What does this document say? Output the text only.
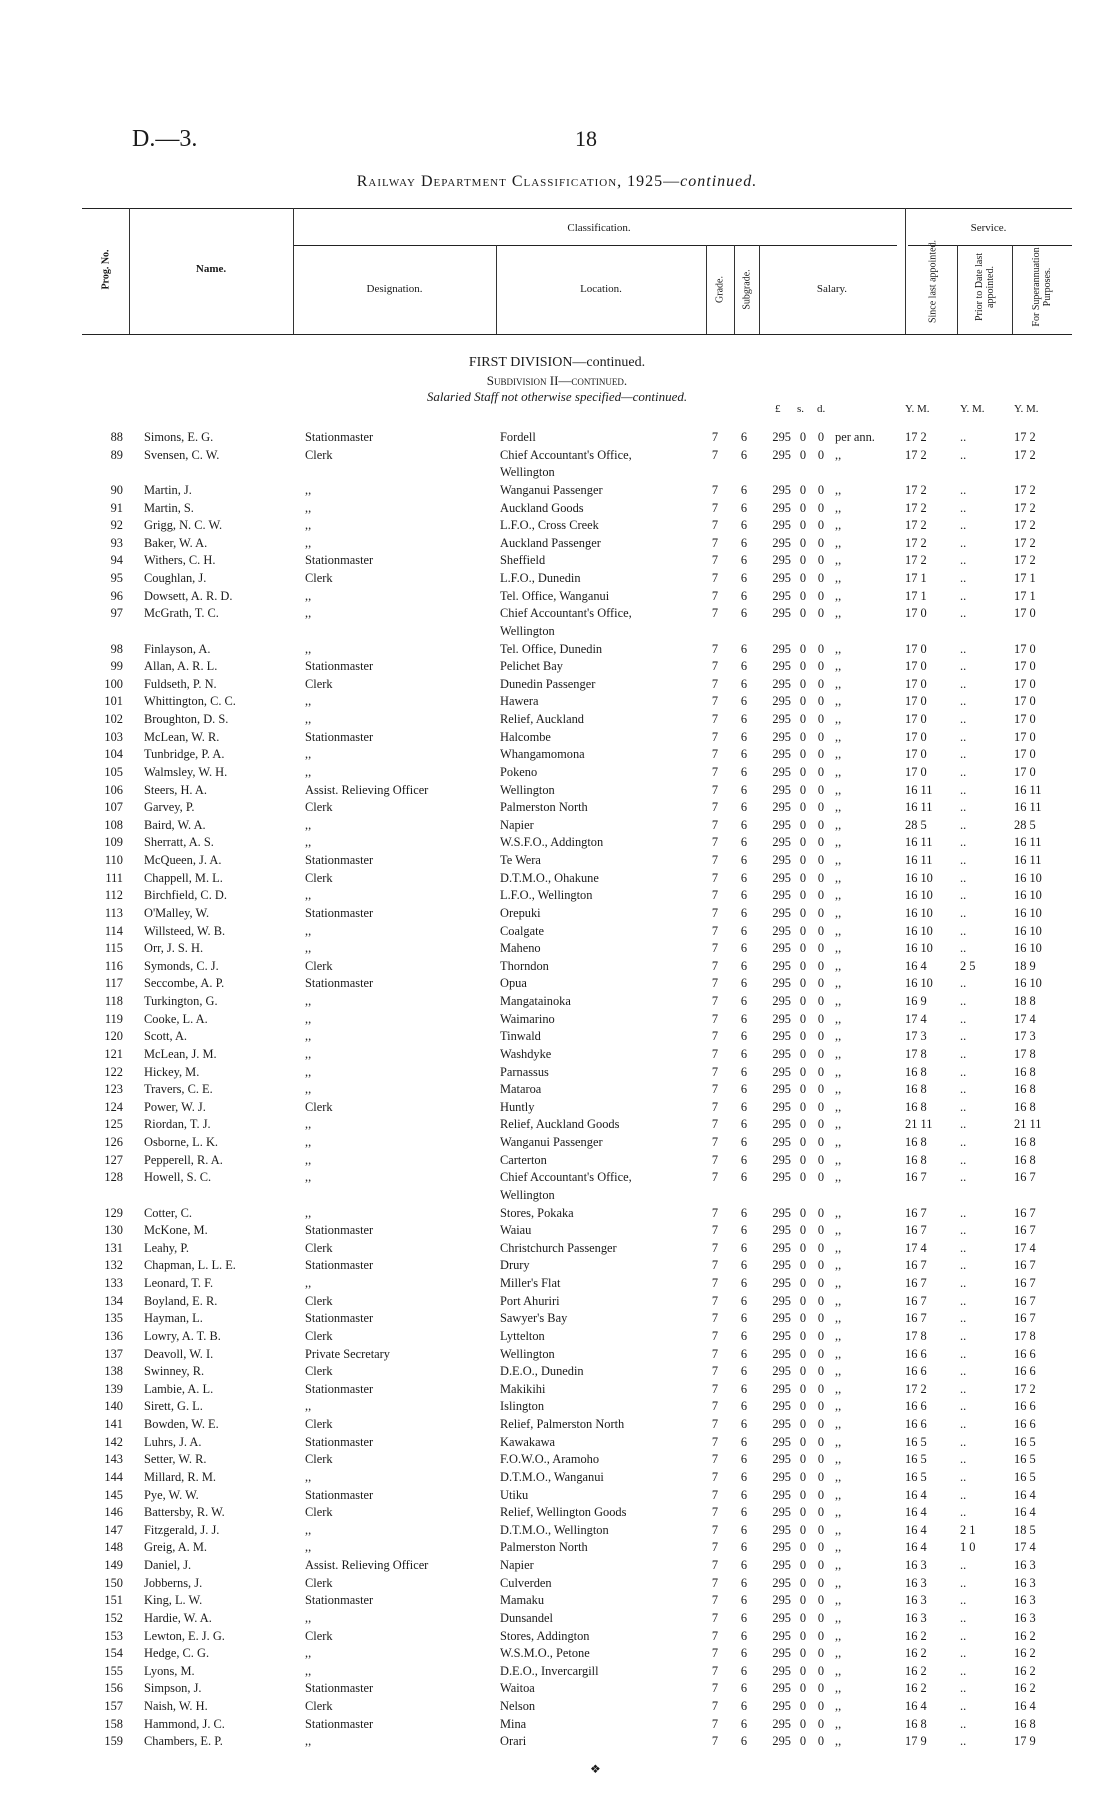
D.—3.	18
Railway Department Classification, 1925—continued.
Classification.	Service.
Name.
Designation.	Location.	Salary.
Prog. No.	Grade. Subgrade.	Since last appointed.	Prior to Date last appointed.	For Superannuation Purposes.
FIRST DIVISION—continued.
Subdivision II—continued.
Salaried Staff not otherwise specified—continued.
£ s. d.	Y. M.	Y. M.	Y. M.
88 Simons, E. G.	Stationmaster	Fordell	7	6	295 0 0 per ann. 17 2	..	17 2
89 Svensen, C. W.	Clerk	Chief Accountant's Office,	7	6	295 0 0 ,,	17 2	..	17 2
Wellington
90 Martin, J.	,,	Wanganui Passenger	7	6	295 0 0 ,,	17 2	..	17 2
91 Martin, S.	,,	Auckland Goods	7	6	295 0 0 ,,	17 2	..	17 2
92 Grigg, N. C. W.	,,	L.F.O., Cross Creek	7	6	295 0 0 ,,	17 2	..	17 2
93 Baker, W. A.	,,	Auckland Passenger	7	6	295 0 0 ,,	17 2	..	17 2
94 Withers, C. H.	Stationmaster	Sheffield	7	6	295 0 0 ,,	17 2	..	17 2
95 Coughlan, J.	Clerk	L.F.O., Dunedin	7	6	295 0 0 ,,	17 1	..	17 1
96 Dowsett, A. R. D.	,,	Tel. Office, Wanganui	7	6	295 0 0 ,,	17 1	..	17 1
97 McGrath, T. C.	,,	Chief Accountant's Office,	7	6	295 0 0 ,,	17 0	..	17 0
Wellington
98 Finlayson, A.	,,	Tel. Office, Dunedin	7	6	295 0 0 ,,	17 0	..	17 0
99 Allan, A. R. L.	Stationmaster	Pelichet Bay	7	6	295 0 0 ,,	17 0	..	17 0
100 Fuldseth, P. N.	Clerk	Dunedin Passenger	7	6	295 0 0 ,,	17 0	..	17 0
101 Whittington, C. C.	,,	Hawera	7	6	295 0 0 ,,	17 0	..	17 0
102 Broughton, D. S.	,,	Relief, Auckland	7	6	295 0 0 ,,	17 0	..	17 0
103 McLean, W. R.	Stationmaster	Halcombe	7	6	295 0 0 ,,	17 0	..	17 0
104 Tunbridge, P. A.	,,	Whangamomona	7	6	295 0 0 ,,	17 0	..	17 0
105 Walmsley, W. H.	,,	Pokeno	7	6	295 0 0 ,,	17 0	..	17 0
106 Steers, H. A.	Assist. Relieving Officer	Wellington	7	6	295 0 0 ,,	16 11	..	16 11
107 Garvey, P.	Clerk	Palmerston North	7	6	295 0 0 ,,	16 11	..	16 11
108 Baird, W. A.	,,	Napier	7	6	295 0 0 ,,	28 5	..	28 5
109 Sherratt, A. S.	,,	W.S.F.O., Addington	7	6	295 0 0 ,,	16 11	..	16 11
110 McQueen, J. A.	Stationmaster	Te Wera	7	6	295 0 0 ,,	16 11	..	16 11
111 Chappell, M. L.	Clerk	D.T.M.O., Ohakune	7	6	295 0 0 ,,	16 10	..	16 10
112 Birchfield, C. D.	,,	L.F.O., Wellington	7	6	295 0 0 ,,	16 10	..	16 10
113 O'Malley, W.	Stationmaster	Orepuki	7	6	295 0 0 ,,	16 10	..	16 10
114 Willsteed, W. B.	,,	Coalgate	7	6	295 0 0 ,,	16 10	..	16 10
115 Orr, J. S. H.	,,	Maheno	7	6	295 0 0 ,,	16 10	..	16 10
116 Symonds, C. J.	Clerk	Thorndon	7	6	295 0 0 ,,	16 4	2 5	18 9
117 Seccombe, A. P.	Stationmaster	Opua	7	6	295 0 0 ,,	16 10	..	16 10
118 Turkington, G.	,,	Mangatainoka	7	6	295 0 0 ,,	16 9	..	18 8
119 Cooke, L. A.	,,	Waimarino	7	6	295 0 0 ,,	17 4	..	17 4
120 Scott, A.	,,	Tinwald	7	6	295 0 0 ,,	17 3	..	17 3
121 McLean, J. M.	,,	Washdyke	7	6	295 0 0 ,,	17 8	..	17 8
122 Hickey, M.	,,	Parnassus	7	6	295 0 0 ,,	16 8	..	16 8
123 Travers, C. E.	,,	Mataroa	7	6	295 0 0 ,,	16 8	..	16 8
124 Power, W. J.	Clerk	Huntly	7	6	295 0 0 ,,	16 8	..	16 8
125 Riordan, T. J.	,,	Relief, Auckland Goods	7	6	295 0 0 ,,	21 11	..	21 11
126 Osborne, L. K.	,,	Wanganui Passenger	7	6	295 0 0 ,,	16 8	..	16 8
127 Pepperell, R. A.	,,	Carterton	7	6	295 0 0 ,,	16 8	..	16 8
128 Howell, S. C.	,,	Chief Accountant's Office,	7	6	295 0 0 ,,	16 7	..	16 7
Wellington
129 Cotter, C.	,,	Stores, Pokaka	7	6	295 0 0 ,,	16 7	..	16 7
130 McKone, M.	Stationmaster	Waiau	7	6	295 0 0 ,,	16 7	..	16 7
131 Leahy, P.	Clerk	Christchurch Passenger	7	6	295 0 0 ,,	17 4	..	17 4
132 Chapman, L. L. E.	Stationmaster	Drury	7	6	295 0 0 ,,	16 7	..	16 7
133 Leonard, T. F.	,,	Miller's Flat	7	6	295 0 0 ,,	16 7	..	16 7
134 Boyland, E. R.	Clerk	Port Ahuriri	7	6	295 0 0 ,,	16 7	..	16 7
135 Hayman, L.	Stationmaster	Sawyer's Bay	7	6	295 0 0 ,,	16 7	..	16 7
136 Lowry, A. T. B.	Clerk	Lyttelton	7	6	295 0 0 ,,	17 8	..	17 8
137 Deavoll, W. I.	Private Secretary	Wellington	7	6	295 0 0 ,,	16 6	..	16 6
138 Swinney, R.	Clerk	D.E.O., Dunedin	7	6	295 0 0 ,,	16 6	..	16 6
139 Lambie, A. L.	Stationmaster	Makikihi	7	6	295 0 0 ,,	17 2	..	17 2
140 Sirett, G. L.	,,	Islington	7	6	295 0 0 ,,	16 6	..	16 6
141 Bowden, W. E.	Clerk	Relief, Palmerston North	7	6	295 0 0 ,,	16 6	..	16 6
142 Luhrs, J. A.	Stationmaster	Kawakawa	7	6	295 0 0 ,,	16 5	..	16 5
143 Setter, W. R.	Clerk	F.O.W.O., Aramoho	7	6	295 0 0 ,,	16 5	..	16 5
144 Millard, R. M.	,,	D.T.M.O., Wanganui	7	6	295 0 0 ,,	16 5	..	16 5
145 Pye, W. W.	Stationmaster	Utiku	7	6	295 0 0 ,,	16 4	..	16 4
146 Battersby, R. W.	Clerk	Relief, Wellington Goods	7	6	295 0 0 ,,	16 4	..	16 4
147 Fitzgerald, J. J.	,,	D.T.M.O., Wellington	7	6	295 0 0 ,,	16 4	2 1	18 5
148 Greig, A. M.	,,	Palmerston North	7	6	295 0 0 ,,	16 4	1 0	17 4
149 Daniel, J.	Assist. Relieving Officer	Napier	7	6	295 0 0 ,,	16 3	..	16 3
150 Jobberns, J.	Clerk	Culverden	7	6	295 0 0 ,,	16 3	..	16 3
151 King, L. W.	Stationmaster	Mamaku	7	6	295 0 0 ,,	16 3	..	16 3
152 Hardie, W. A.	,,	Dunsandel	7	6	295 0 0 ,,	16 3	..	16 3
153 Lewton, E. J. G.	Clerk	Stores, Addington	7	6	295 0 0 ,,	16 2	..	16 2
154 Hedge, C. G.	,,	W.S.M.O., Petone	7	6	295 0 0 ,,	16 2	..	16 2
155 Lyons, M.	,,	D.E.O., Invercargill	7	6	295 0 0 ,,	16 2	..	16 2
156 Simpson, J.	Stationmaster	Waitoa	7	6	295 0 0 ,,	16 2	..	16 2
157 Naish, W. H.	Clerk	Nelson	7	6	295 0 0 ,,	16 4	..	16 4
158 Hammond, J. C.	Stationmaster	Mina	7	6	295 0 0 ,,	16 8	..	16 8
159 Chambers, E. P.	,,	Orari	7	6	295 0 0 ,,	17 9	..	17 9
❖
